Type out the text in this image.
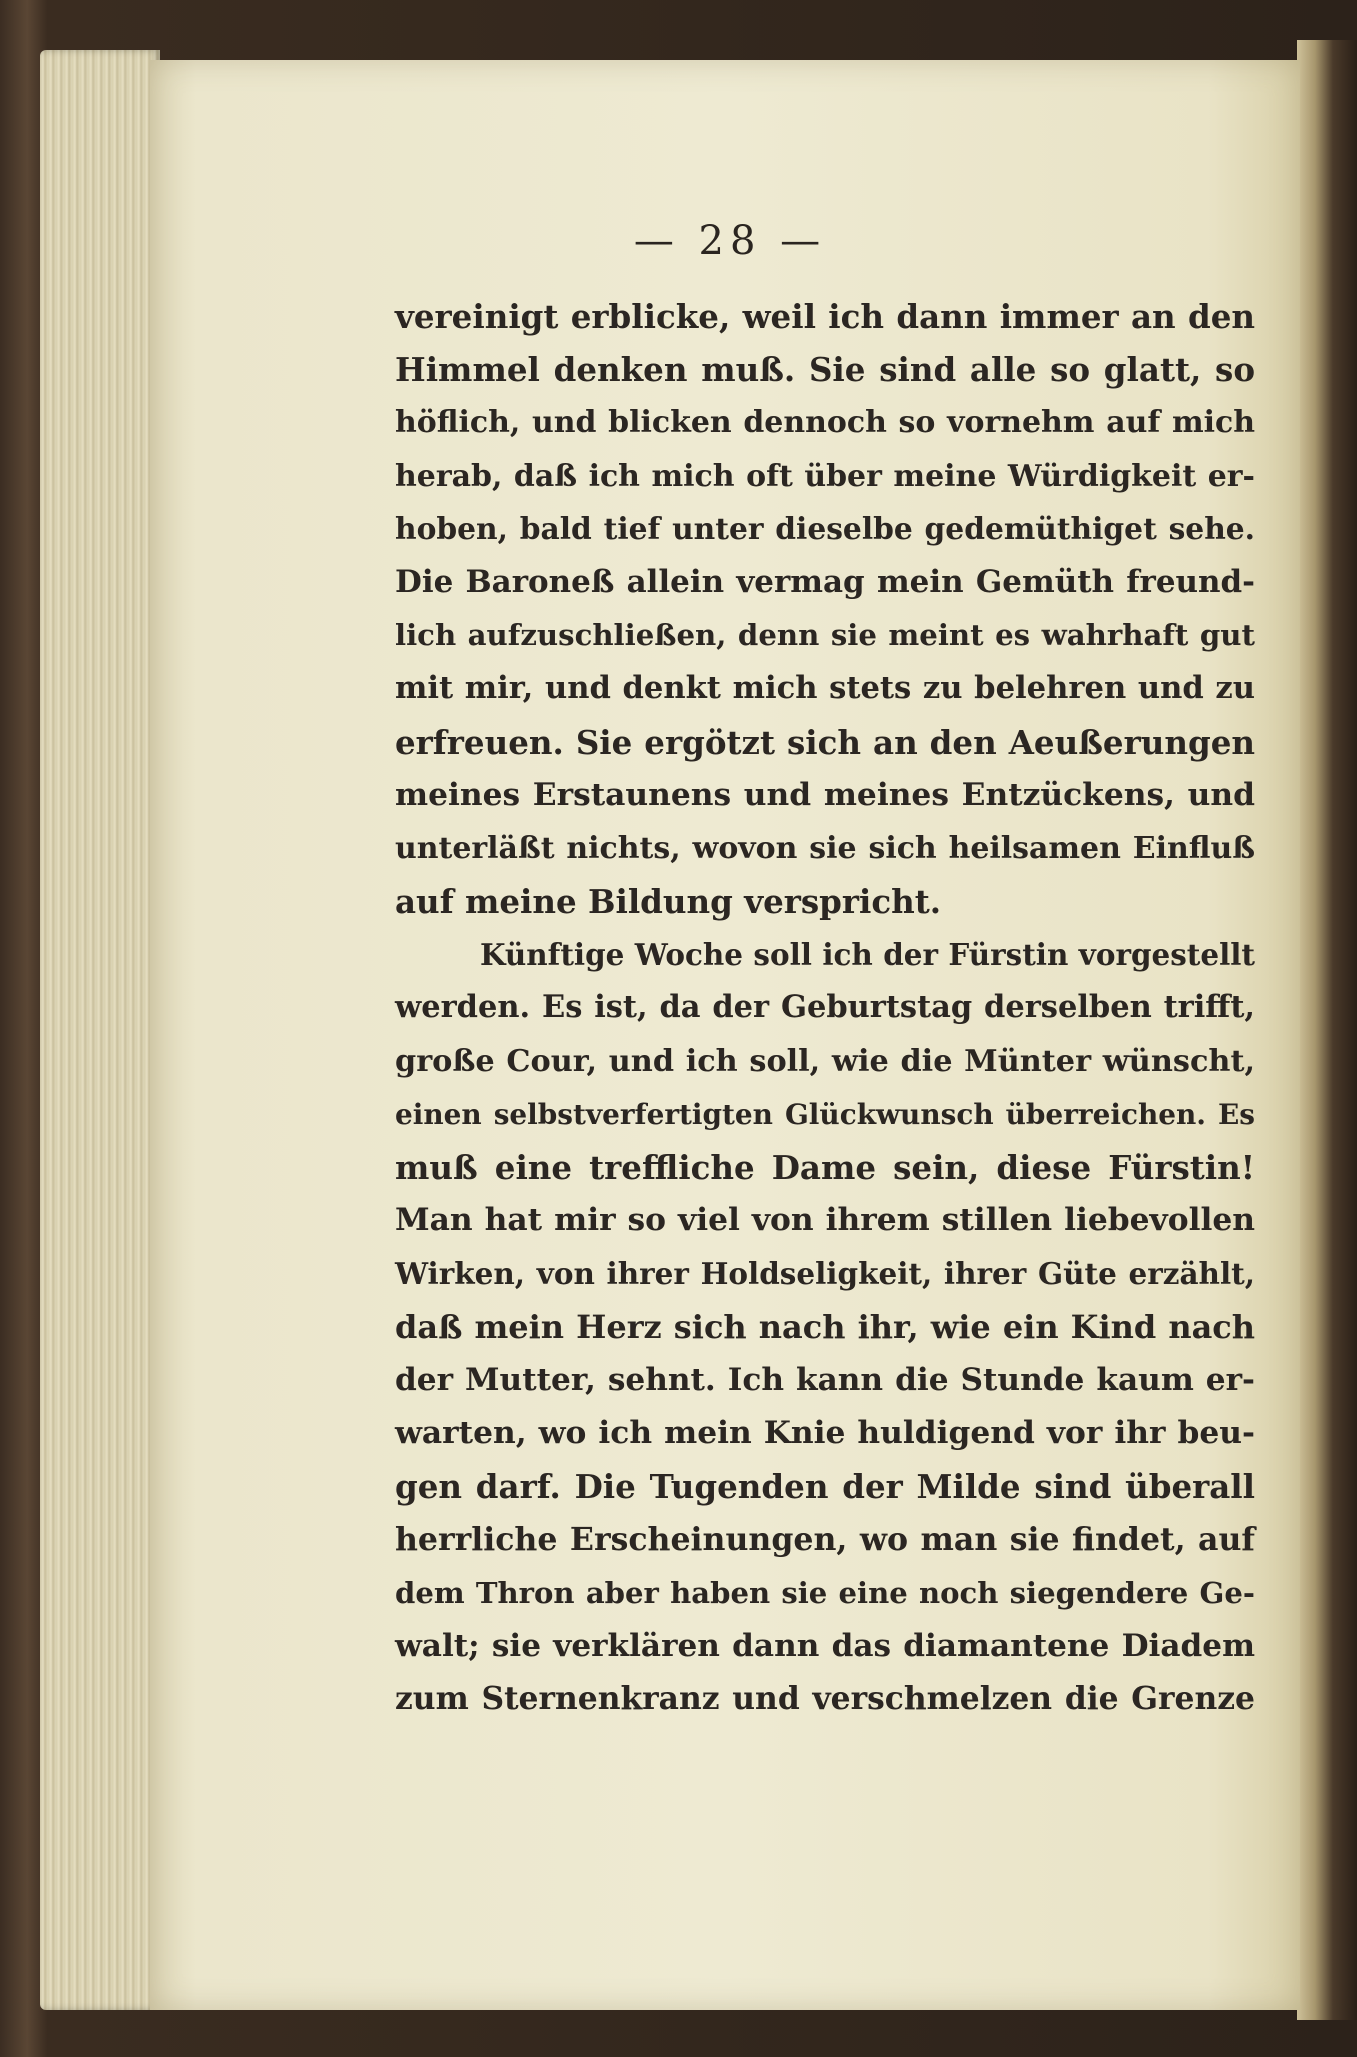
— 28 —
vereinigt erblicke, weil ich dann immer an den
Himmel denken muß. Sie sind alle so glatt, so
höflich, und blicken dennoch so vornehm auf mich
herab, daß ich mich oft über meine Würdigkeit er-
hoben, bald tief unter dieselbe gedemüthiget sehe.
Die Baroneß allein vermag mein Gemüth freund-
lich aufzuschließen, denn sie meint es wahrhaft gut
mit mir, und denkt mich stets zu belehren und zu
erfreuen. Sie ergötzt sich an den Aeußerungen
meines Erstaunens und meines Entzückens, und
unterläßt nichts, wovon sie sich heilsamen Einfluß
auf meine Bildung verspricht.
Künftige Woche soll ich der Fürstin vorgestellt
werden. Es ist, da der Geburtstag derselben trifft,
große Cour, und ich soll, wie die Münter wünscht,
einen selbstverfertigten Glückwunsch überreichen. Es
muß eine treffliche Dame sein, diese Fürstin!
Man hat mir so viel von ihrem stillen liebevollen
Wirken, von ihrer Holdseligkeit, ihrer Güte erzählt,
daß mein Herz sich nach ihr, wie ein Kind nach
der Mutter, sehnt. Ich kann die Stunde kaum er-
warten, wo ich mein Knie huldigend vor ihr beu-
gen darf. Die Tugenden der Milde sind überall
herrliche Erscheinungen, wo man sie findet, auf
dem Thron aber haben sie eine noch siegendere Ge-
walt; sie verklären dann das diamantene Diadem
zum Sternenkranz und verschmelzen die Grenze
